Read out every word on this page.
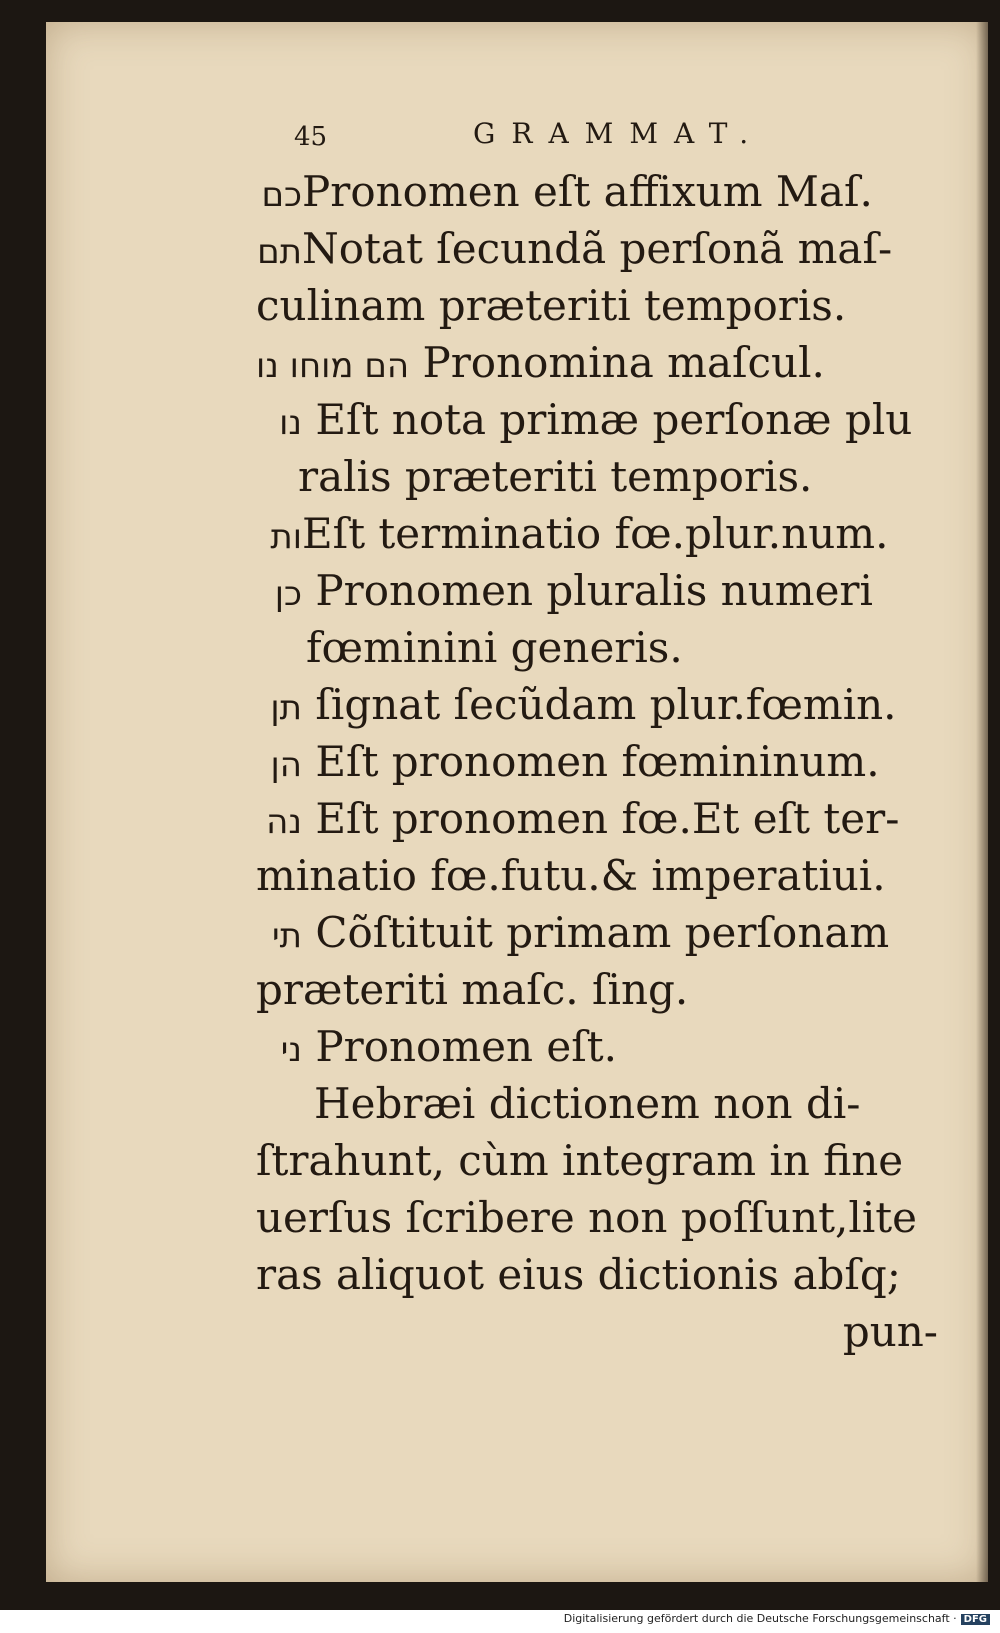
45	GRAMMAT.
כםPronomen eſt affixum Maſ.
תםNotat ſecundã perſonã maſ-
culinam præteriti temporis.
הם מוחו נו Pronomina maſcul.
נו Eſt nota primæ perſonæ plu
ralis præteriti temporis.
ותEſt terminatio fœ.plur.num.
כן Pronomen pluralis numeri
fœminini generis.
תן ſignat ſecũdam plur.fœmin.
הן Eſt pronomen fœmininum.
נה Eſt pronomen fœ.Et eſt ter-
minatio fœ.futu.& imperatiui.
תי Cõſtituit primam perſonam
præteriti maſc. ſing.
ני Pronomen eſt.
Hebræi dictionem non di-
ſtrahunt, cùm integram in fine
uerſus ſcribere non poſſunt,lite
ras aliquot eius dictionis abſq;
pun-
Digitalisierung gefördert durch die Deutsche Forschungsgemeinschaft · DFG
